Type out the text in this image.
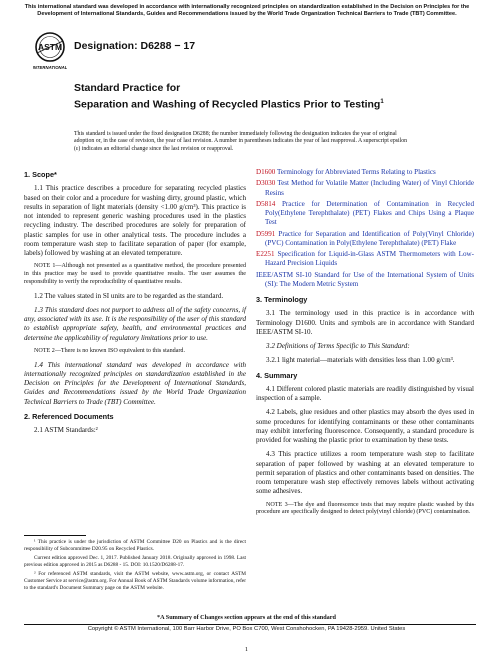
This international standard was developed in accordance with internationally recognized principles on standardization established in the Decision on Principles for the Development of International Standards, Guides and Recommendations issued by the World Trade Organization Technical Barriers to Trade (TBT) Committee.
ASTM
INTERNATIONAL
Designation: D6288 − 17
Standard Practice for
Separation and Washing of Recycled Plastics Prior to Testing$^1$
This standard is issued under the fixed designation D6288; the number immediately following the designation indicates the year of original adoption or, in the case of revision, the year of last revision. A number in parentheses indicates the year of last reapproval. A superscript epsilon (ε) indicates an editorial change since the last revision or reapproval.
1. Scope*

1.1 This practice describes a procedure for separating recycled plastics based on their color and a procedure for washing dirty, ground plastic, which results in separation of light materials (density <1.00 g/cm³). This practice is not intended to represent generic washing procedures used in the plastics recycling industry. The described procedures are solely for preparation of plastic samples for use in other analytical tests. The procedure includes a room temperature wash step to facilitate separation of paper (for example, labels) followed by washing at an elevated temperature.

NOTE 1—Although not presented as a quantitative method, the procedure presented in this practice may be used to provide quantitative results. The user assumes the responsibility to verify the reproducibility of quantitative results.

1.2 The values stated in SI units are to be regarded as the standard.

1.3 This standard does not purport to address all of the safety concerns, if any, associated with its use. It is the responsibility of the user of this standard to establish appropriate safety, health, and environmental practices and determine the applicability of regulatory limitations prior to use.

NOTE 2—There is no known ISO equivalent to this standard.

1.4 This international standard was developed in accordance with internationally recognized principles on standardization established in the Decision on Principles for the Development of International Standards, Guides and Recommendations issued by the World Trade Organization Technical Barriers to Trade (TBT) Committee.

2. Referenced Documents

2.1 ASTM Standards:²

D1600 Terminology for Abbreviated Terms Relating to Plastics
D3030 Test Method for Volatile Matter (Including Water) of Vinyl Chloride Resins
D5814 Practice for Determination of Contamination in Recycled Poly(Ethylene Terephthalate) (PET) Flakes and Chips Using a Plaque Test
D5991 Practice for Separation and Identification of Poly(Vinyl Chloride) (PVC) Contamination in Poly(Ethylene Terephthalate) (PET) Flake
E2251 Specification for Liquid-in-Glass ASTM Thermometers with Low-Hazard Precision Liquids
IEEE/ASTM SI-10 Standard for Use of the International System of Units (SI): The Modern Metric System
3. Terminology

3.1 The terminology used in this practice is in accordance with Terminology D1600. Units and symbols are in accordance with Standard IEEE/ASTM SI-10.

3.2 Definitions of Terms Specific to This Standard:

3.2.1 light material—materials with densities less than 1.00 g/cm³.

4. Summary

4.1 Different colored plastic materials are readily distinguished by visual inspection of a sample.

4.2 Labels, glue residues and other plastics may absorb the dyes used in some procedures for identifying contaminants or these other contaminants may exhibit interfering fluorescence. Consequently, a standard procedure is provided for washing the plastic prior to examination by these tests.

4.3 This practice utilizes a room temperature wash step to facilitate separation of paper followed by washing at an elevated temperature to permit separation of plastics and other contaminants based on densities. The room temperature wash step effectively removes labels without activating some adhesives.

NOTE 3—The dye and fluorescence tests that may require plastic washed by this procedure are specifically designed to detect poly(vinyl chloride) (PVC) contamination.

¹ This practice is under the jurisdiction of ASTM Committee D20 on Plastics and is the direct responsibility of Subcommittee D20.95 on Recycled Plastics.

Current edition approved Dec. 1, 2017. Published January 2018. Originally approved in 1998. Last previous edition approved in 2015 as D6288 - 15. DOI: 10.1520/D6288-17.

² For referenced ASTM standards, visit the ASTM website, www.astm.org, or contact ASTM Customer Service at service@astm.org. For Annual Book of ASTM Standards volume information, refer to the standard's Document Summary page on the ASTM website.

*A Summary of Changes section appears at the end of this standard
Copyright © ASTM International, 100 Barr Harbor Drive, PO Box C700, West Conshohocken, PA 19428-2959. United States
1
